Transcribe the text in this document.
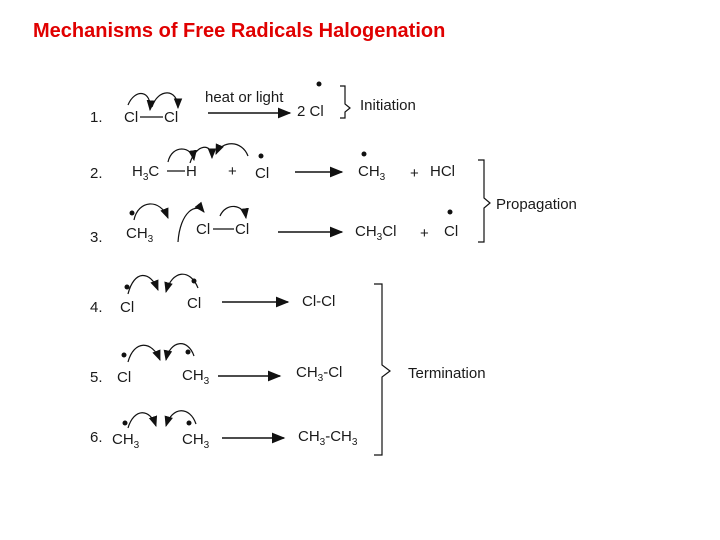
Mechanisms of Free Radicals Halogenation
1. Cl Cl
heat or light
2 Cl Initiation
2. $H_3C$ H + Cl	$CH_3$ + HCl
3. $CH_3$
Cl Cl	$CH_3Cl + Cl$
Propagation
4. Cl	Cl	Cl-Cl
5. Cl	$CH_3$
$CH_3-Cl$
6. $CH_3$	$CH_3$
$CH_3-CH_3$
Termination
